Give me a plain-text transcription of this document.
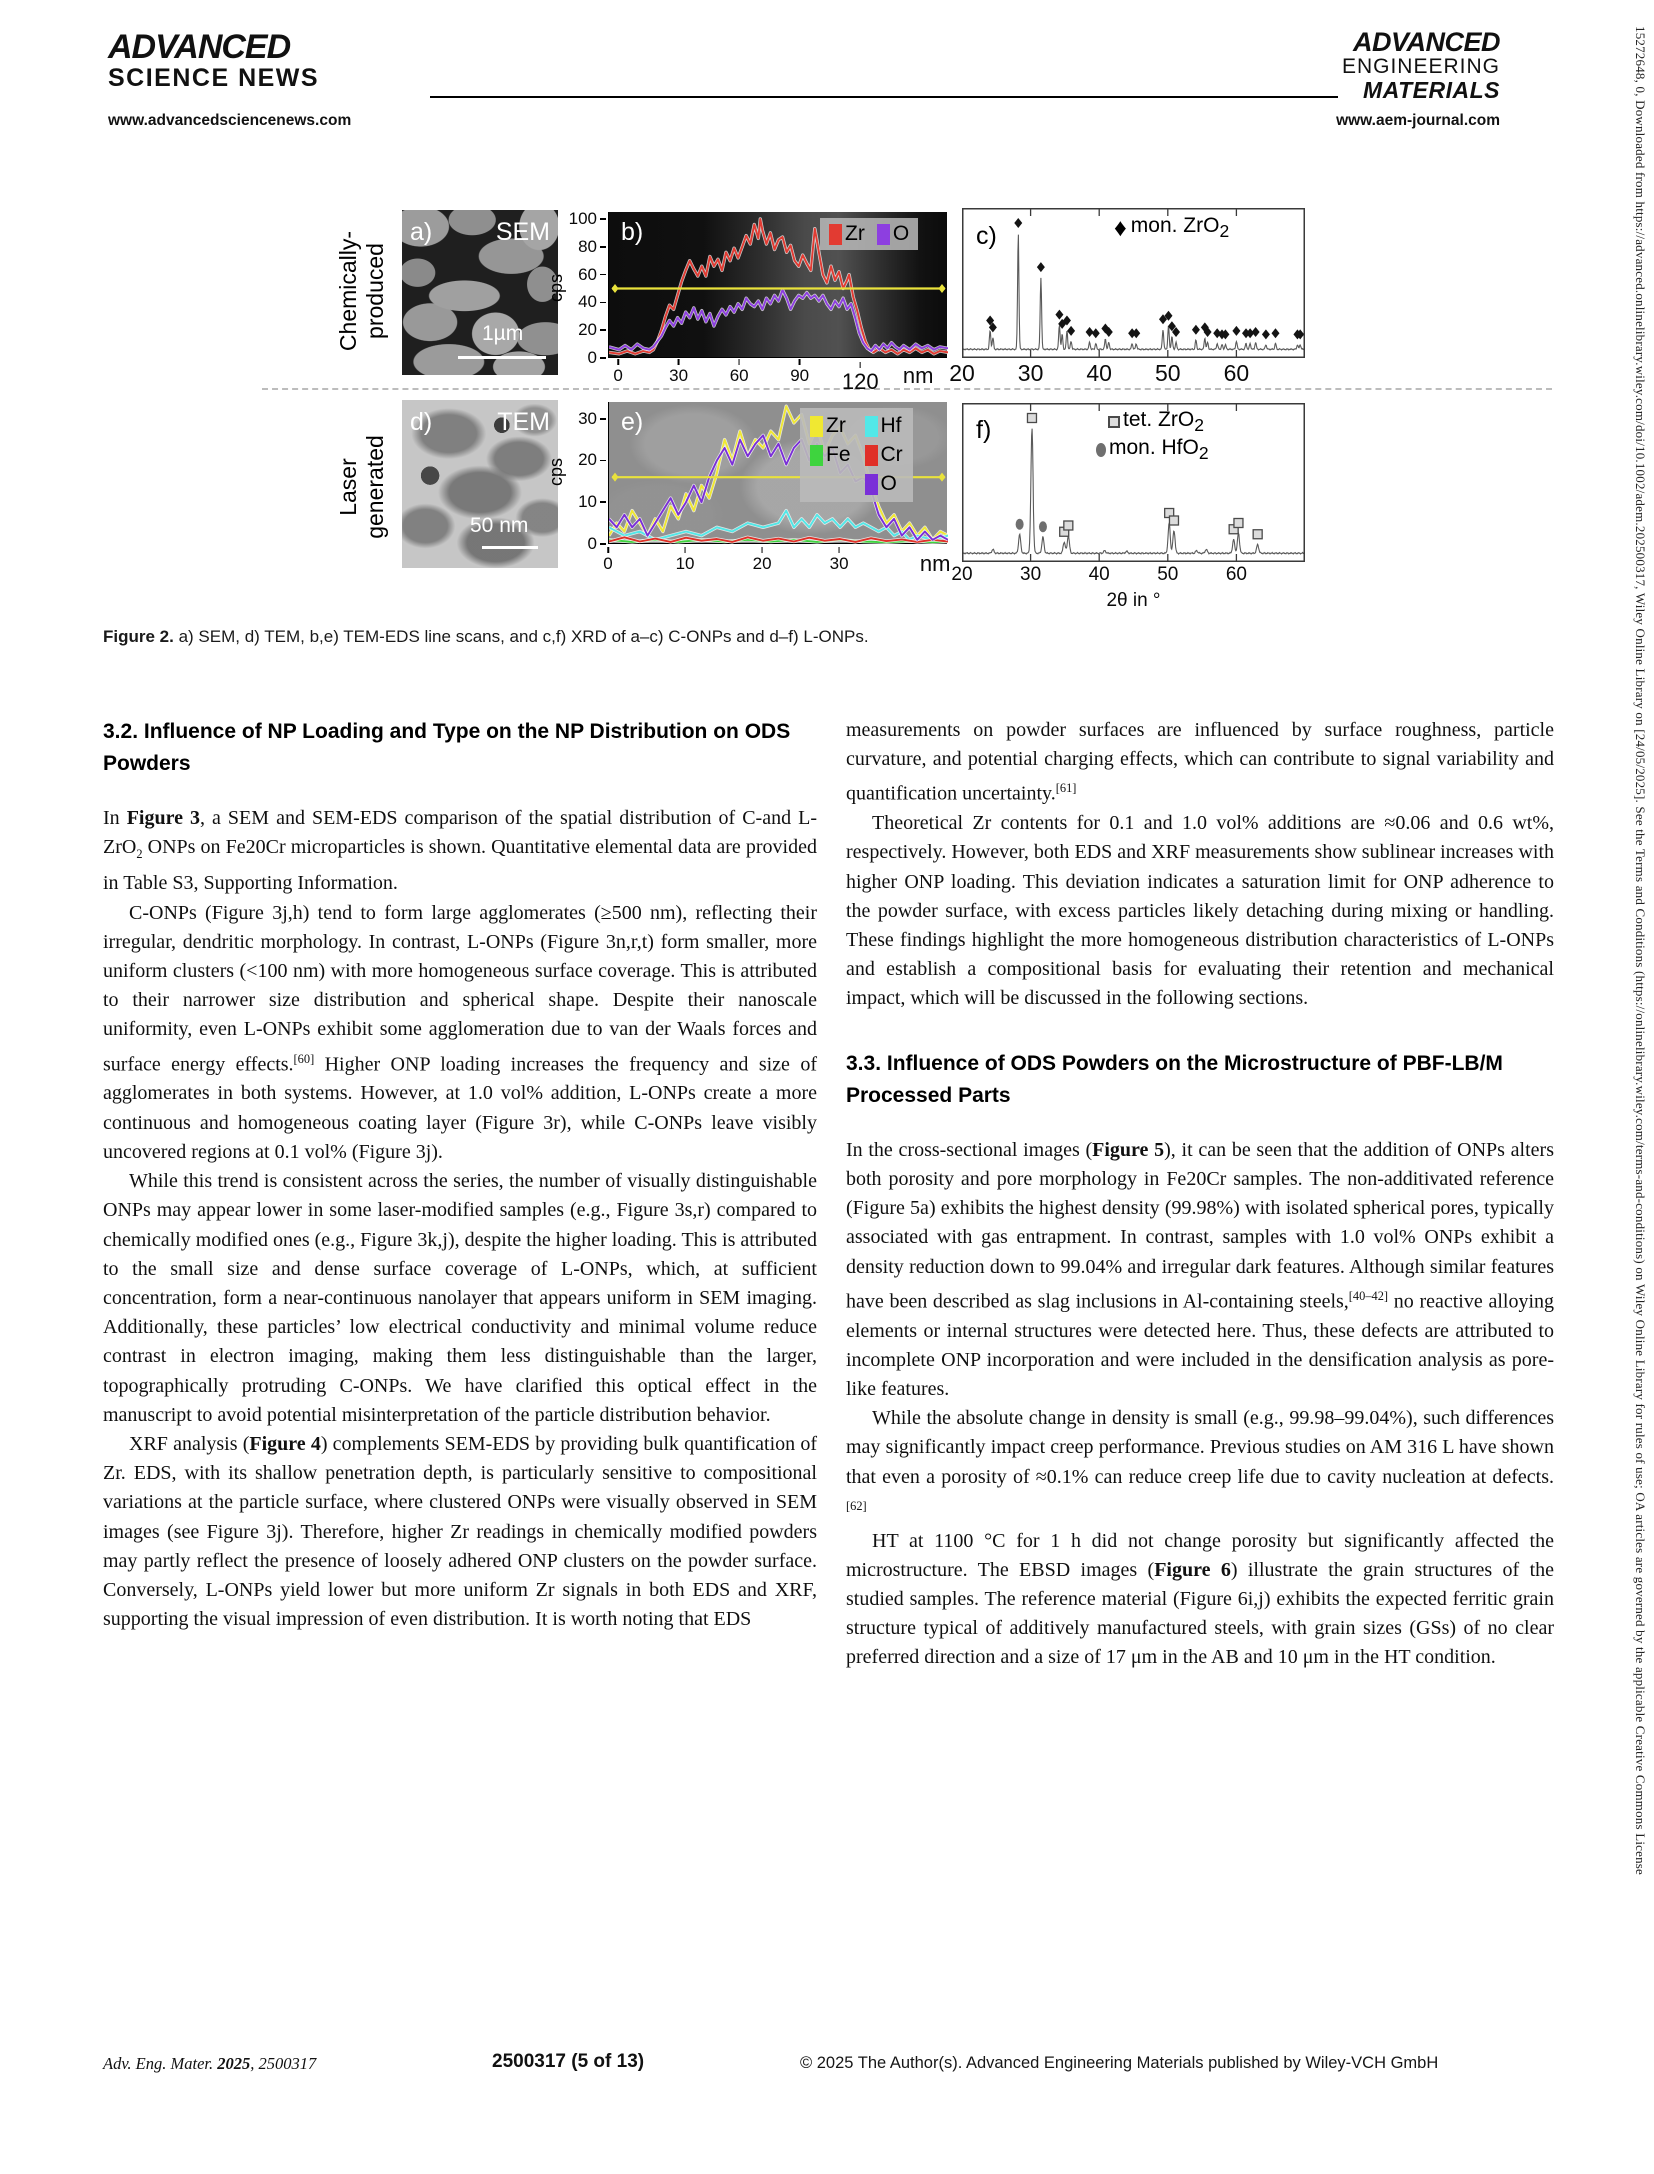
ADVANCED
SCIENCE NEWS
www.advancedsciencenews.com
ADVANCED
ENGINEERING
MATERIALS
www.aem-journal.com	15272648, 0, Downloaded from https://advanced.onlinelibrary.wiley.com/doi/10.1002/adem.202500317, Wiley Online Library on [24/05/2025]. See the Terms and Conditions (https://onlinelibrary.wiley.com/terms-and-conditions) on Wiley Online Library for rules of use; OA articles are governed by the applicable Creative Commons License
Chemically-
produced
Laser
generated
a)	SEM
1µm
b)
cps
0
20
40
60
80
100
nm
0	30 60 90 120
Zr O	c)	♦ mon. ZrO$_2$
20 30 40 50 60
d)	TEM
50 nm
e)
cps
0
10
20
30
nm
0	10	20	30
Zr Hf
Fe Cr
O
f)	tet. ZrO$_2$
mon. HfO$_2$
20 30 40 50 60
2θ in °
Figure 2. a) SEM, d) TEM, b,e) TEM-EDS line scans, and c,f) XRD of a–c) C-ONPs and d–f) L-ONPs.
3.2. Influence of NP Loading and Type on the NP Distribution on ODS Powders

In Figure 3, a SEM and SEM-EDS comparison of the spatial distribution of C-and L-ZrO$_2$ ONPs on Fe20Cr microparticles is shown. Quantitative elemental data are provided in Table S3, Supporting Information.

C-ONPs (Figure 3j,h) tend to form large agglomerates (≥500 nm), reflecting their irregular, dendritic morphology. In contrast, L-ONPs (Figure 3n,r,t) form smaller, more uniform clusters (<100 nm) with more homogeneous surface coverage. This is attributed to their narrower size distribution and spherical shape. Despite their nanoscale uniformity, even L-ONPs exhibit some agglomeration due to van der Waals forces and surface energy effects.[60] Higher ONP loading increases the frequency and size of agglomerates in both systems. However, at 1.0 vol% addition, L-ONPs create a more continuous and homogeneous coating layer (Figure 3r), while C-ONPs leave visibly uncovered regions at 0.1 vol% (Figure 3j).

While this trend is consistent across the series, the number of visually distinguishable ONPs may appear lower in some laser-modified samples (e.g., Figure 3s,r) compared to chemically modified ones (e.g., Figure 3k,j), despite the higher loading. This is attributed to the small size and dense surface coverage of L-ONPs, which, at sufficient concentration, form a near-continuous nanolayer that appears uniform in SEM imaging. Additionally, these particles’ low electrical conductivity and minimal volume reduce contrast in electron imaging, making them less distinguishable than the larger, topographically protruding C-ONPs. We have clarified this optical effect in the manuscript to avoid potential misinterpretation of the particle distribution behavior.

XRF analysis (Figure 4) complements SEM-EDS by providing bulk quantification of Zr. EDS, with its shallow penetration depth, is particularly sensitive to compositional variations at the particle surface, where clustered ONPs were visually observed in SEM images (see Figure 3j). Therefore, higher Zr readings in chemically modified powders may partly reflect the presence of loosely adhered ONP clusters on the powder surface. Conversely, L-ONPs yield lower but more uniform Zr signals in both EDS and XRF, supporting the visual impression of even distribution. It is worth noting that EDS

measurements on powder surfaces are influenced by surface roughness, particle curvature, and potential charging effects, which can contribute to signal variability and quantification uncertainty.[61]

Theoretical Zr contents for 0.1 and 1.0 vol% additions are ≈0.06 and 0.6 wt%, respectively. However, both EDS and XRF measurements show sublinear increases with higher ONP loading. This deviation indicates a saturation limit for ONP adherence to the powder surface, with excess particles likely detaching during mixing or handling. These findings highlight the more homogeneous distribution characteristics of L-ONPs and establish a compositional basis for evaluating their retention and mechanical impact, which will be discussed in the following sections.

3.3. Influence of ODS Powders on the Microstructure of PBF-LB/M Processed Parts

In the cross-sectional images (Figure 5), it can be seen that the addition of ONPs alters both porosity and pore morphology in Fe20Cr samples. The non-additivated reference (Figure 5a) exhibits the highest density (99.98%) with isolated spherical pores, typically associated with gas entrapment. In contrast, samples with 1.0 vol% ONPs exhibit a density reduction down to 99.04% and irregular dark features. Although similar features have been described as slag inclusions in Al-containing steels,[40–42] no reactive alloying elements or internal structures were detected here. Thus, these defects are attributed to incomplete ONP incorporation and were included in the densification analysis as pore-like features.

While the absolute change in density is small (e.g., 99.98–99.04%), such differences may significantly impact creep performance. Previous studies on AM 316 L have shown that even a porosity of ≈0.1% can reduce creep life due to cavity nucleation at defects.[62]

HT at 1100 °C for 1 h did not change porosity but significantly affected the microstructure. The EBSD images (Figure 6) illustrate the grain structures of the studied samples. The reference material (Figure 6i,j) exhibits the expected ferritic grain structure typical of additively manufactured steels, with grain sizes (GSs) of no clear preferred direction and a size of 17 μm in the AB and 10 μm in the HT condition.

Adv. Eng. Mater. 2025, 2500317	2500317 (5 of 13)	© 2025 The Author(s). Advanced Engineering Materials published by Wiley-VCH GmbH
